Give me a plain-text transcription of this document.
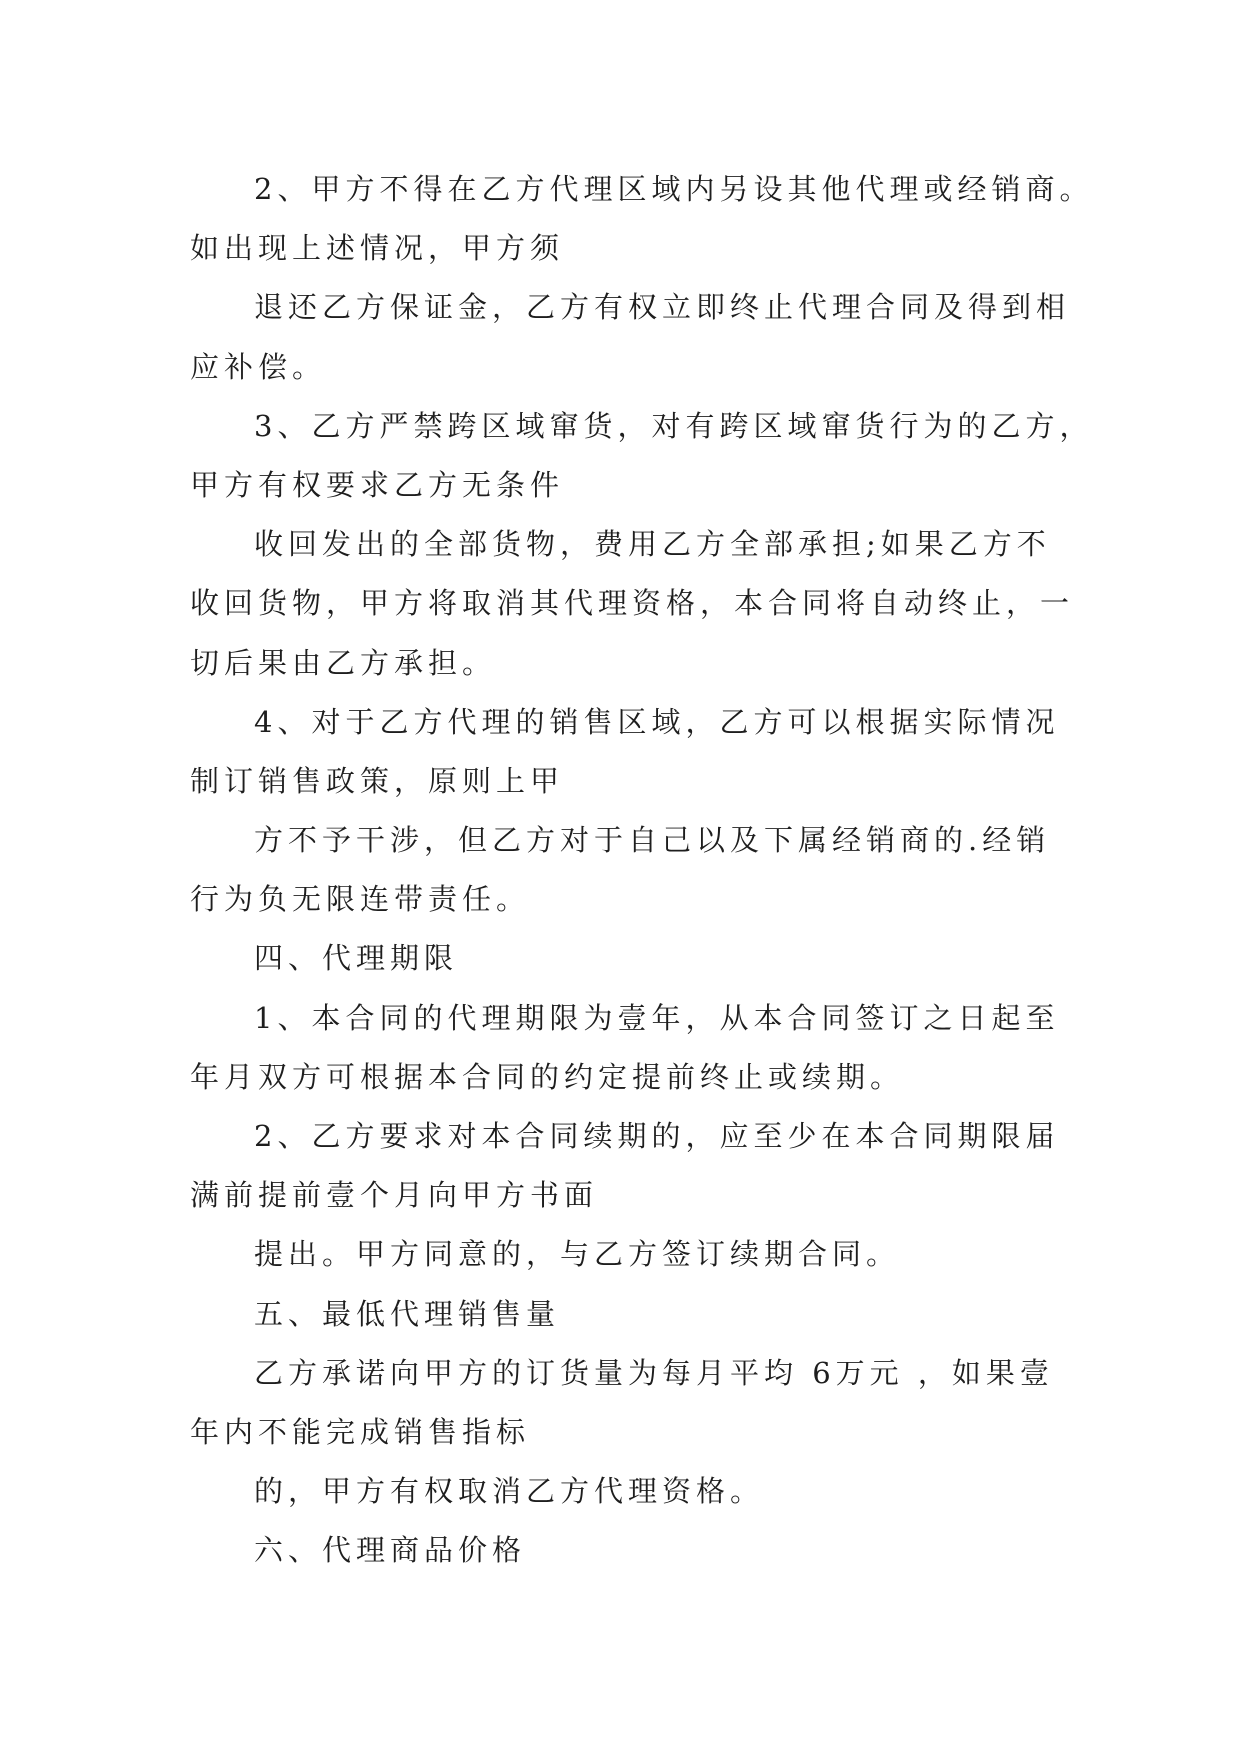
2、甲方不得在乙方代理区域内另设其他代理或经销商。
如出现上述情况，甲方须
退还乙方保证金，乙方有权立即终止代理合同及得到相
应补偿。
3、乙方严禁跨区域窜货，对有跨区域窜货行为的乙方，
甲方有权要求乙方无条件
收回发出的全部货物，费用乙方全部承担;如果乙方不
收回货物，甲方将取消其代理资格，本合同将自动终止，一
切后果由乙方承担。
4、对于乙方代理的销售区域，乙方可以根据实际情况
制订销售政策，原则上甲
方不予干涉，但乙方对于自己以及下属经销商的.经销
行为负无限连带责任。
四、代理期限
1、本合同的代理期限为壹年，从本合同签订之日起至
年月双方可根据本合同的约定提前终止或续期。
2、乙方要求对本合同续期的，应至少在本合同期限届
满前提前壹个月向甲方书面
提出。甲方同意的，与乙方签订续期合同。
五、最低代理销售量
乙方承诺向甲方的订货量为每月平均 6万元 ，如果壹
年内不能完成销售指标
的，甲方有权取消乙方代理资格。
六、代理商品价格
